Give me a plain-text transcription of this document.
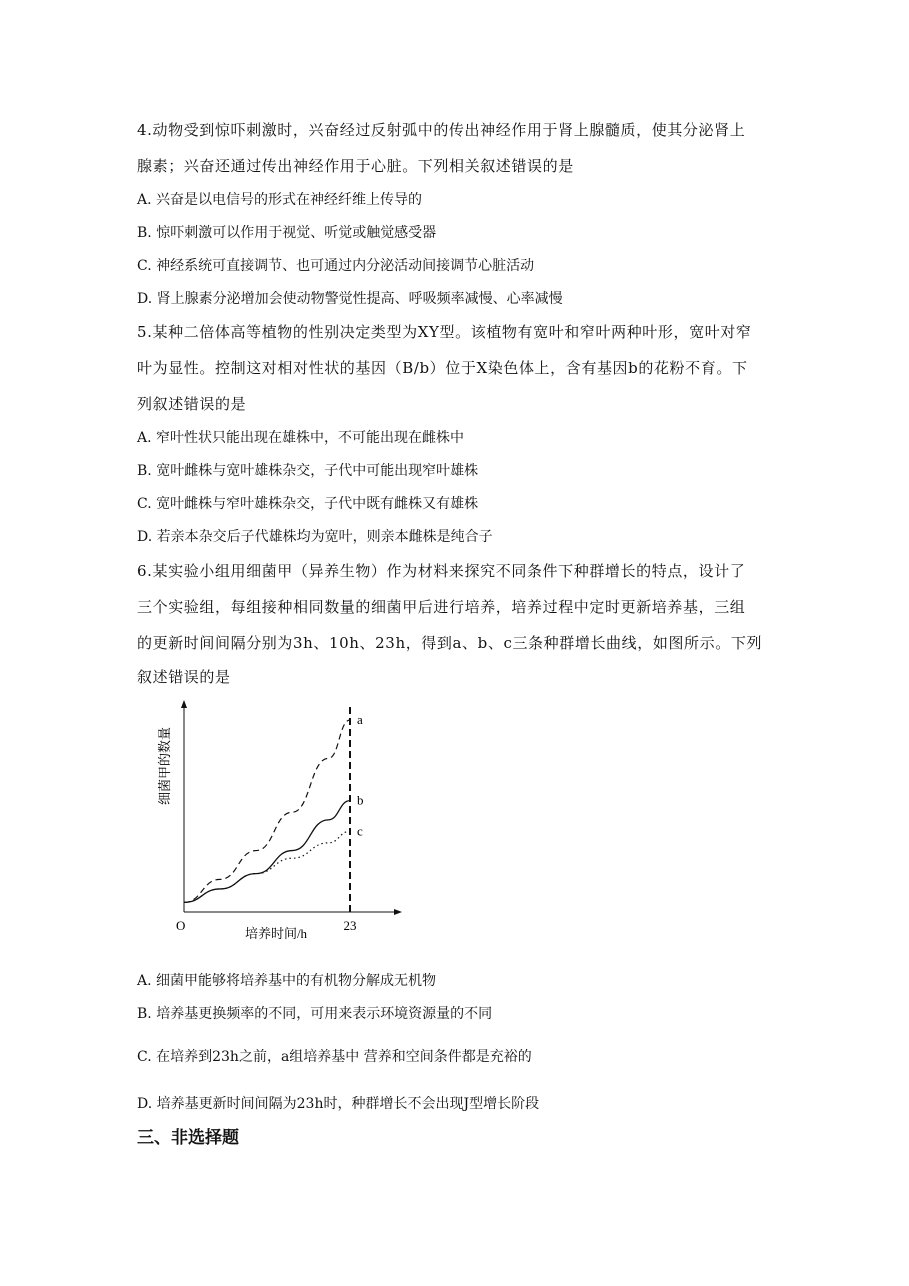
4.动物受到惊吓刺激时，兴奋经过反射弧中的传出神经作用于肾上腺髓质，使其分泌肾上
腺素；兴奋还通过传出神经作用于心脏。下列相关叙述错误的是
A. 兴奋是以电信号的形式在神经纤维上传导的
B. 惊吓刺激可以作用于视觉、听觉或触觉感受器
C. 神经系统可直接调节、也可通过内分泌活动间接调节心脏活动
D. 肾上腺素分泌增加会使动物警觉性提高、呼吸频率减慢、心率减慢
5.某种二倍体高等植物的性别决定类型为XY型。该植物有宽叶和窄叶两种叶形，宽叶对窄
叶为显性。控制这对相对性状的基因（B/b）位于X染色体上，含有基因b的花粉不育。下
列叙述错误的是
A. 窄叶性状只能出现在雄株中，不可能出现在雌株中
B. 宽叶雌株与宽叶雄株杂交，子代中可能出现窄叶雄株
C. 宽叶雌株与窄叶雄株杂交，子代中既有雌株又有雄株
D. 若亲本杂交后子代雄株均为宽叶，则亲本雌株是纯合子
6.某实验小组用细菌甲（异养生物）作为材料来探究不同条件下种群增长的特点，设计了
三个实验组，每组接种相同数量的细菌甲后进行培养，培养过程中定时更新培养基，三组
的更新时间间隔分别为3h、10h、23h，得到a、b、c三条种群增长曲线，如图所示。下列
叙述错误的是
O	23
培养时间/h
细菌甲的数量
a
b
c
A. 细菌甲能够将培养基中的有机物分解成无机物
B. 培养基更换频率的不同，可用来表示环境资源量的不同
C. 在培养到23h之前，a组培养基中 营养和空间条件都是充裕的
D. 培养基更新时间间隔为23h时，种群增长不会出现J型增长阶段
三、非选择题
